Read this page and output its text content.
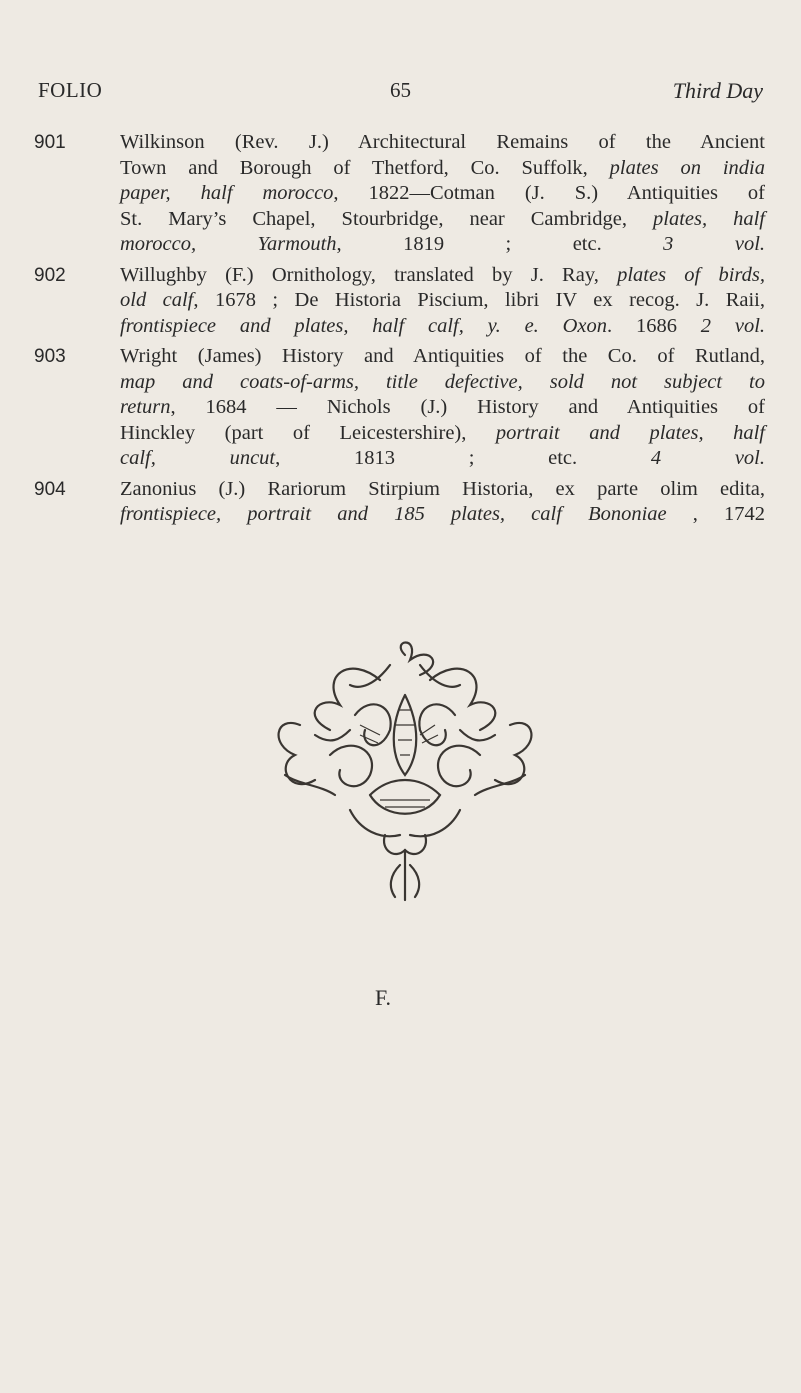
FOLIO	65	Third Day
901	Wilkinson (Rev. J.) Architectural Remains of the Ancient
Town and Borough of Thetford, Co. Suffolk, plates on india
paper, half morocco, 1822—Cotman (J. S.) Antiquities of
St. Mary’s Chapel, Stourbridge, near Cambridge, plates, half
morocco, Yarmouth, 1819 ; etc.	3 vol.
902	Willughby (F.) Ornithology, translated by J. Ray, plates of birds,
old calf, 1678 ; De Historia Piscium, libri IV ex recog. J. Raii,
frontispiece and plates, half calf, y. e. Oxon. 1686 2 vol.
903	Wright (James) History and Antiquities of the Co. of Rutland,
map and coats-of-arms, title defective, sold not subject to
return, 1684 — Nichols (J.) History and Antiquities of
Hinckley (part of Leicestershire), portrait and plates, half
calf, uncut, 1813 ; etc.	4 vol.
904	Zanonius (J.) Rariorum Stirpium Historia, ex parte olim edita,
frontispiece, portrait and 185 plates, calf Bononiae , 1742
F.
